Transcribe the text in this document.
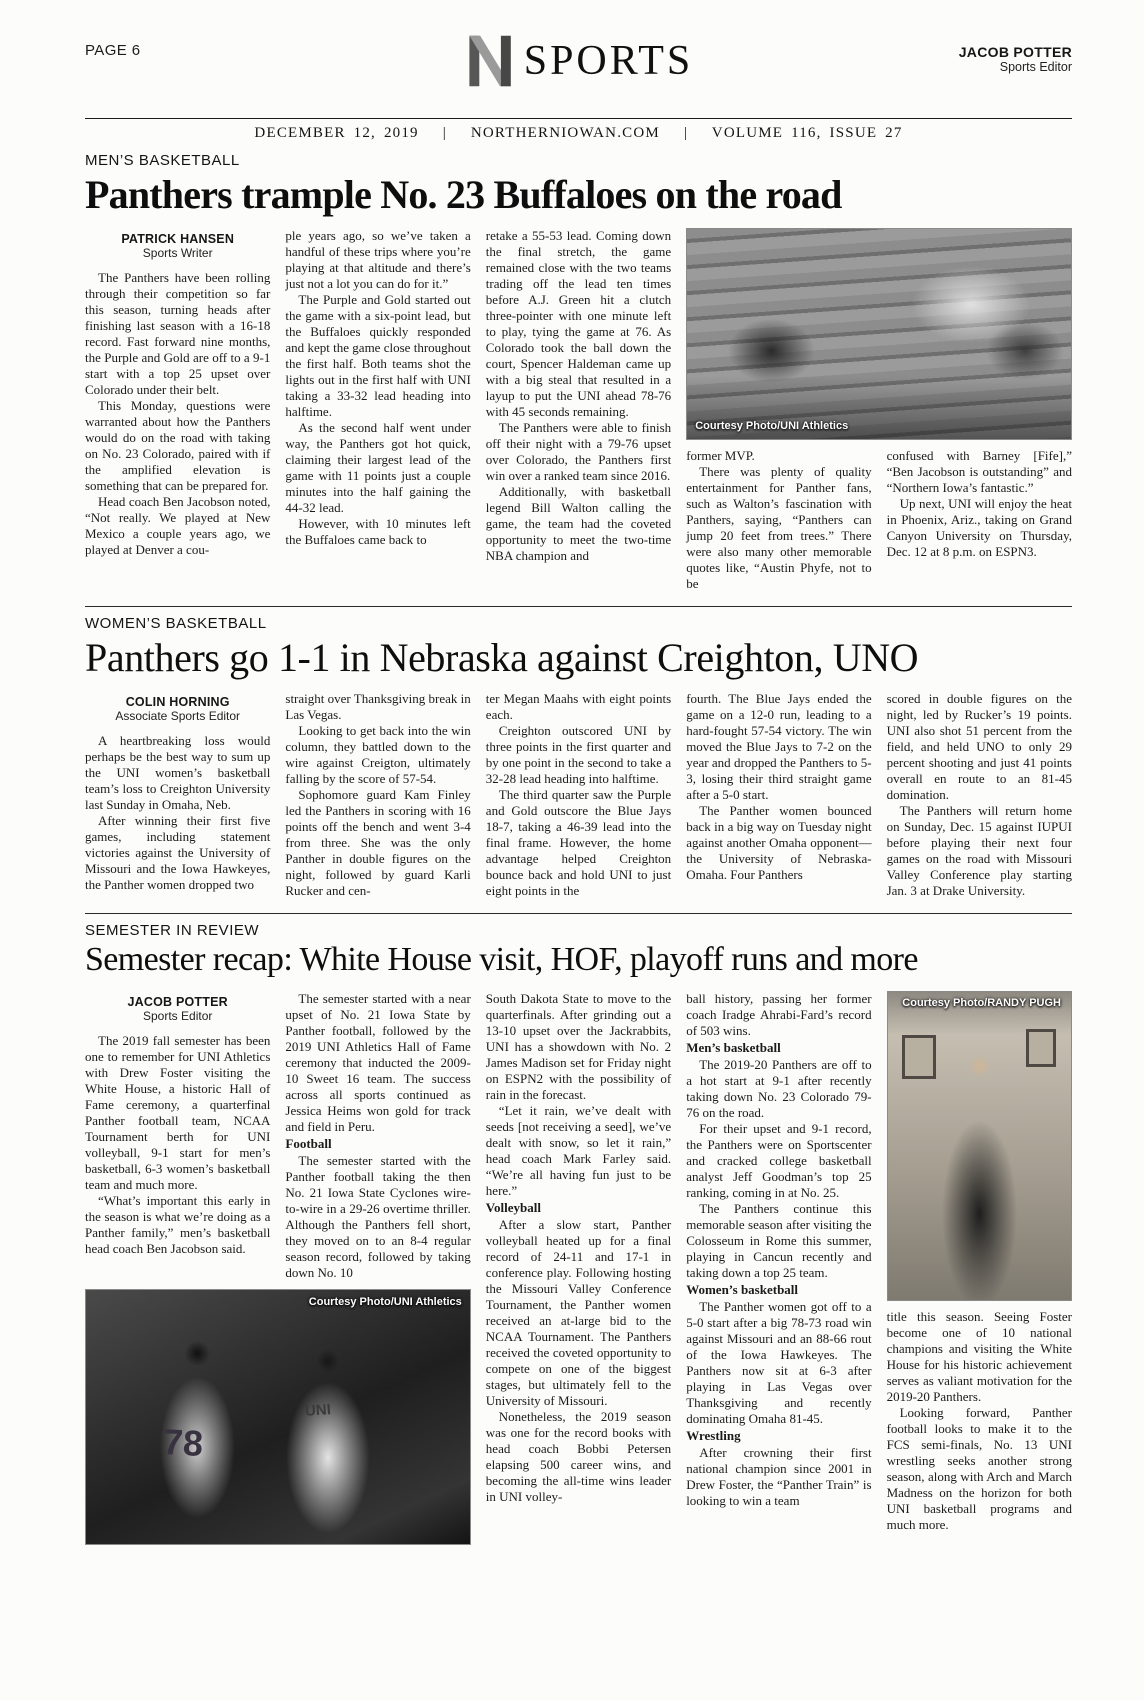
PAGE 6	SPORTS	JACOB POTTER
Sports Editor
DECEMBER 12, 2019 | NORTHERNIOWAN.COM | VOLUME 116, ISSUE 27
MEN’S BASKETBALL
Panthers trample No. 23 Buffaloes on the road
PATRICK HANSEN
Sports Writer

The Panthers have been rolling through their competition so far this season, turning heads after finishing last season with a 16-18 record. Fast forward nine months, the Purple and Gold are off to a 9-1 start with a top 25 upset over Colorado under their belt.

This Monday, questions were warranted about how the Panthers would do on the road with taking on No. 23 Colorado, paired with if the amplified elevation is something that can be prepared for.

Head coach Ben Jacobson noted, “Not really. We played at New Mexico a couple years ago, we played at Denver a cou-

ple years ago, so we’ve taken a handful of these trips where you’re playing at that altitude and there’s just not a lot you can do for it.”

The Purple and Gold started out the game with a six-point lead, but the Buffaloes quickly responded and kept the game close throughout the first half. Both teams shot the lights out in the first half with UNI taking a 33-32 lead heading into halftime.

As the second half went under way, the Panthers got hot quick, claiming their largest lead of the game with 11 points just a couple minutes into the half gaining the 44-32 lead.

However, with 10 minutes left the Buffaloes came back to

retake a 55-53 lead. Coming down the final stretch, the game remained close with the two teams trading off the lead ten times before A.J. Green hit a clutch three-pointer with one minute left to play, tying the game at 76. As Colorado took the ball down the court, Spencer Haldeman came up with a big steal that resulted in a layup to put the UNI ahead 78-76 with 45 seconds remaining.

The Panthers were able to finish off their night with a 79-76 upset over Colorado, the Panthers first win over a ranked team since 2016.

Additionally, with basketball legend Bill Walton calling the game, the team had the coveted opportunity to meet the two-time NBA champion and

Courtesy Photo/UNI Athletics

former MVP.

There was plenty of quality entertainment for Panther fans, such as Walton’s fascination with Panthers, saying, “Panthers can jump 20 feet from trees.” There were also many other memorable quotes like, “Austin Phyfe, not to be

confused with Barney [Fife],” “Ben Jacobson is outstanding” and “Northern Iowa’s fantastic.”

Up next, UNI will enjoy the heat in Phoenix, Ariz., taking on Grand Canyon University on Thursday, Dec. 12 at 8 p.m. on ESPN3.

WOMEN’S BASKETBALL
Panthers go 1-1 in Nebraska against Creighton, UNO
COLIN HORNING
Associate Sports Editor

A heartbreaking loss would perhaps be the best way to sum up the UNI women’s basketball team’s loss to Creighton University last Sunday in Omaha, Neb.

After winning their first five games, including statement victories against the University of Missouri and the Iowa Hawkeyes, the Panther women dropped two

straight over Thanksgiving break in Las Vegas.

Looking to get back into the win column, they battled down to the wire against Creigton, ultimately falling by the score of 57-54.

Sophomore guard Kam Finley led the Panthers in scoring with 16 points off the bench and went 3-4 from three. She was the only Panther in double figures on the night, followed by guard Karli Rucker and cen-

ter Megan Maahs with eight points each.

Creighton outscored UNI by three points in the first quarter and by one point in the second to take a 32-28 lead heading into halftime.

The third quarter saw the Purple and Gold outscore the Blue Jays 18-7, taking a 46-39 lead into the final frame. However, the home advantage helped Creighton bounce back and hold UNI to just eight points in the

fourth. The Blue Jays ended the game on a 12-0 run, leading to a hard-fought 57-54 victory. The win moved the Blue Jays to 7-2 on the year and dropped the Panthers to 5-3, losing their third straight game after a 5-0 start.

The Panther women bounced back in a big way on Tuesday night against another Omaha opponent—the University of Nebraska-Omaha. Four Panthers

scored in double figures on the night, led by Rucker’s 19 points. UNI also shot 51 percent from the field, and held UNO to only 29 percent shooting and just 41 points overall en route to an 81-45 domination.

The Panthers will return home on Sunday, Dec. 15 against IUPUI before playing their next four games on the road with Missouri Valley Conference play starting Jan. 3 at Drake University.

SEMESTER IN REVIEW
Semester recap: White House visit, HOF, playoff runs and more
JACOB POTTER
Sports Editor

The 2019 fall semester has been one to remember for UNI Athletics with Drew Foster visiting the White House, a historic Hall of Fame ceremony, a quarterfinal Panther football team, NCAA Tournament berth for UNI volleyball, 9-1 start for men’s basketball, 6-3 women’s basketball team and much more.

“What’s important this early in the season is what we’re doing as a Panther family,” men’s basketball head coach Ben Jacobson said.

The semester started with a near upset of No. 21 Iowa State by Panther football, followed by the 2019 UNI Athletics Hall of Fame ceremony that inducted the 2009-10 Sweet 16 team. The success across all sports continued as Jessica Heims won gold for track and field in Peru.

Football

The semester started with the Panther football taking the then No. 21 Iowa State Cyclones wire-to-wire in a 29-26 overtime thriller. Although the Panthers fell short, they moved on to an 8-4 regular season record, followed by taking down No. 10

Courtesy Photo/UNI Athletics
UNI
78

South Dakota State to move to the quarterfinals. After grinding out a 13-10 upset over the Jackrabbits, UNI has a showdown with No. 2 James Madison set for Friday night on ESPN2 with the possibility of rain in the forecast.

“Let it rain, we’ve dealt with seeds [not receiving a seed], we’ve dealt with snow, so let it rain,” head coach Mark Farley said. “We’re all having fun just to be here.”

Volleyball

After a slow start, Panther volleyball heated up for a final record of 24-11 and 17-1 in conference play. Following hosting the Missouri Valley Conference Tournament, the Panther women received an at-large bid to the NCAA Tournament. The Panthers received the coveted opportunity to compete on one of the biggest stages, but ultimately fell to the University of Missouri.

Nonetheless, the 2019 season was one for the record books with head coach Bobbi Petersen elapsing 500 career wins, and becoming the all-time wins leader in UNI volley-

ball history, passing her former coach Iradge Ahrabi-Fard’s record of 503 wins.

Men’s basketball

The 2019-20 Panthers are off to a hot start at 9-1 after recently taking down No. 23 Colorado 79-76 on the road.

For their upset and 9-1 record, the Panthers were on Sportscenter and cracked college basketball analyst Jeff Goodman’s top 25 ranking, coming in at No. 25.

The Panthers continue this memorable season after visiting the Colosseum in Rome this summer, playing in Cancun recently and taking down a top 25 team.

Women’s basketball

The Panther women got off to a 5-0 start after a big 78-73 road win against Missouri and an 88-66 rout of the Iowa Hawkeyes. The Panthers now sit at 6-3 after playing in Las Vegas over Thanksgiving and recently dominating Omaha 81-45.

Wrestling

After crowning their first national champion since 2001 in Drew Foster, the “Panther Train” is looking to win a team

Courtesy Photo/RANDY PUGH

title this season. Seeing Foster become one of 10 national champions and visiting the White House for his historic achievement serves as valiant motivation for the 2019-20 Panthers.

Looking forward, Panther football looks to make it to the FCS semi-finals, No. 13 UNI wrestling seeks another strong season, along with Arch and March Madness on the horizon for both UNI basketball programs and much more.
